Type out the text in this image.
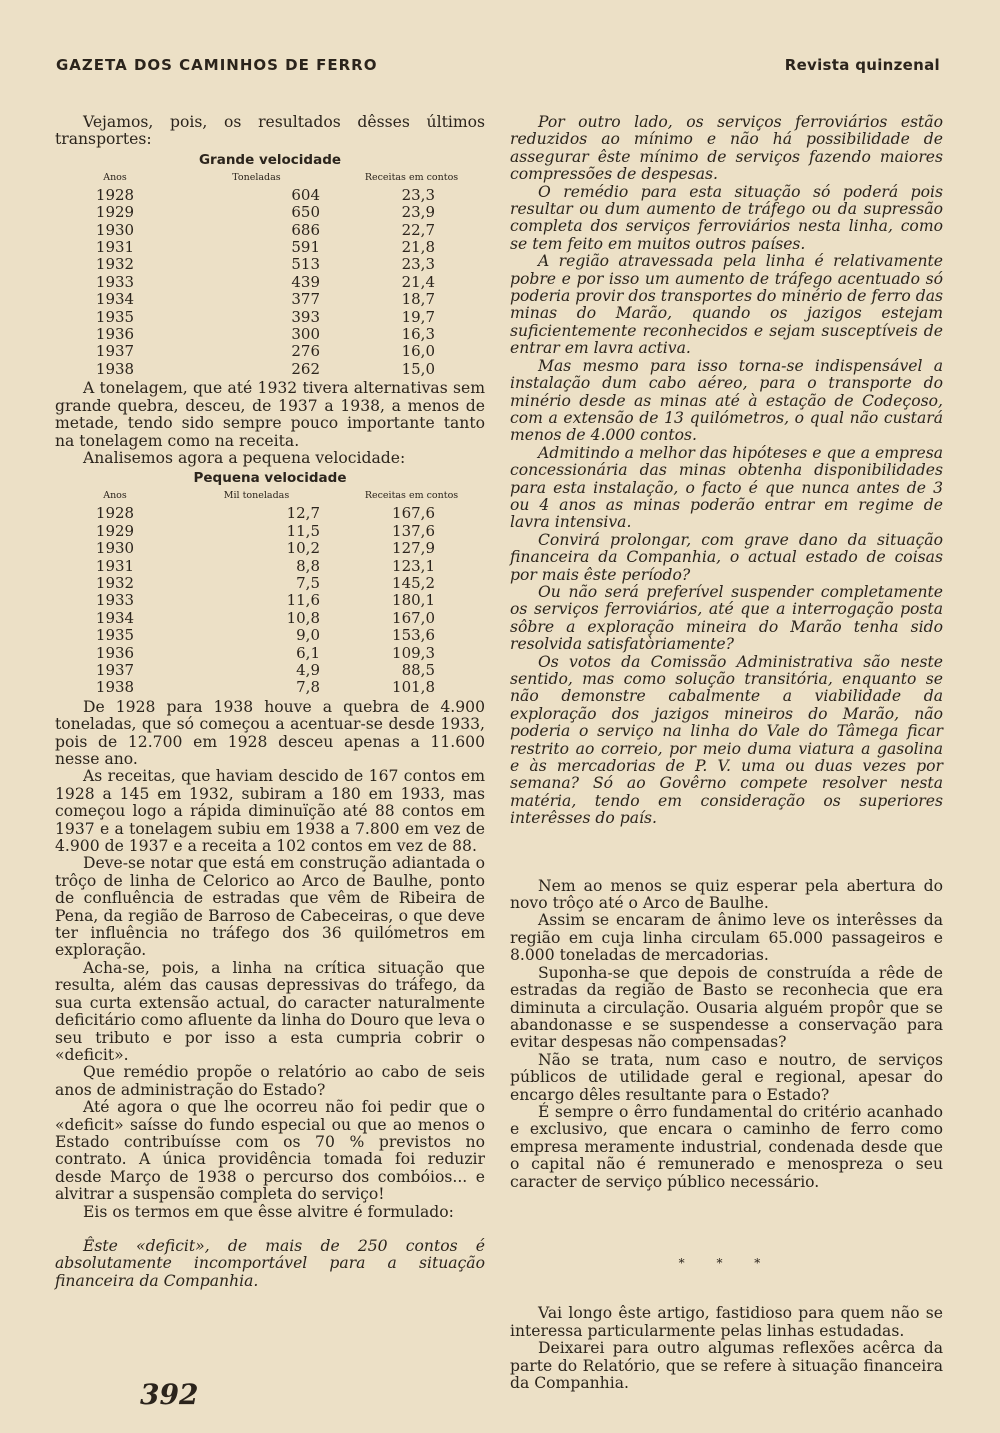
GAZETA DOS CAMINHOS DE FERRO	Revista quinzenal

Vejamos, pois, os resultados dêsses últimos transportes:

Grande velocidade
Anos	Toneladas	Receitas em contos
1928	604	23,3
1929	650	23,9
1930	686	22,7
1931	591	21,8
1932	513	23,3
1933	439	21,4
1934	377	18,7
1935	393	19,7
1936	300	16,3
1937	276	16,0
1938	262	15,0

A tonelagem, que até 1932 tivera alternativas sem grande quebra, desceu, de 1937 a 1938, a menos de metade, tendo sido sempre pouco importante tanto na tonelagem como na receita.

Analisemos agora a pequena velocidade:

Pequena velocidade
Anos	Mil toneladas	Receitas em contos
1928	12,7	167,6
1929	11,5	137,6
1930	10,2	127,9
1931	8,8	123,1
1932	7,5	145,2
1933	11,6	180,1
1934	10,8	167,0
1935	9,0	153,6
1936	6,1	109,3
1937	4,9	88,5
1938	7,8	101,8

De 1928 para 1938 houve a quebra de 4.900 toneladas, que só começou a acentuar-se desde 1933, pois de 12.700 em 1928 desceu apenas a 11.600 nesse ano.

As receitas, que haviam descido de 167 contos em 1928 a 145 em 1932, subiram a 180 em 1933, mas começou logo a rápida diminuïção até 88 contos em 1937 e a tonelagem subiu em 1938 a 7.800 em vez de 4.900 de 1937 e a receita a 102 contos em vez de 88.

Deve-se notar que está em construção adiantada o trôço de linha de Celorico ao Arco de Baulhe, ponto de confluência de estradas que vêm de Ribeira de Pena, da região de Barroso de Cabeceiras, o que deve ter influência no tráfego dos 36 quilómetros em exploração.

Acha-se, pois, a linha na crítica situação que resulta, além das causas depressivas do tráfego, da sua curta extensão actual, do caracter naturalmente deficitário como afluente da linha do Douro que leva o seu tributo e por isso a esta cumpria cobrir o «deficit».

Que remédio propõe o relatório ao cabo de seis anos de administração do Estado?

Até agora o que lhe ocorreu não foi pedir que o «deficit» saísse do fundo especial ou que ao menos o Estado contribuísse com os 70 % previstos no contrato. A única providência tomada foi reduzir desde Março de 1938 o percurso dos combóios... e alvitrar a suspensão completa do serviço!

Eis os termos em que êsse alvitre é formulado:

Êste «deficit», de mais de 250 contos é absolutamente incomportável para a situação financeira da Companhia.

Por outro lado, os serviços ferroviários estão reduzidos ao mínimo e não há possibilidade de assegurar êste mínimo de serviços fazendo maiores compressões de despesas.

O remédio para esta situação só poderá pois resultar ou dum aumento de tráfego ou da supressão completa dos serviços ferroviários nesta linha, como se tem feito em muitos outros países.

A região atravessada pela linha é relativamente pobre e por isso um aumento de tráfego acentuado só poderia provir dos transportes do minério de ferro das minas do Marão, quando os jazigos estejam suficientemente reconhecidos e sejam susceptíveis de entrar em lavra activa.

Mas mesmo para isso torna-se indispensável a instalação dum cabo aéreo, para o transporte do minério desde as minas até à estação de Codeçoso, com a extensão de 13 quilómetros, o qual não custará menos de 4.000 contos.

Admitindo a melhor das hipóteses e que a empresa concessionária das minas obtenha disponibilidades para esta instalação, o facto é que nunca antes de 3 ou 4 anos as minas poderão entrar em regime de lavra intensiva.

Convirá prolongar, com grave dano da situação financeira da Companhia, o actual estado de coisas por mais êste período?

Ou não será preferível suspender completamente os serviços ferroviários, até que a interrogação posta sôbre a exploração mineira do Marão tenha sido resolvida satisfatòriamente?

Os votos da Comissão Administrativa são neste sentido, mas como solução transitória, enquanto se não demonstre cabalmente a viabilidade da exploração dos jazigos mineiros do Marão, não poderia o serviço na linha do Vale do Tâmega ficar restrito ao correio, por meio duma viatura a gasolina e às mercadorias de P. V. uma ou duas vezes por semana? Só ao Govêrno compete resolver nesta matéria, tendo em consideração os superiores interêsses do país.

Nem ao menos se quiz esperar pela abertura do novo trôço até o Arco de Baulhe.

Assim se encaram de ânimo leve os interêsses da região em cuja linha circulam 65.000 passageiros e 8.000 toneladas de mercadorias.

Suponha-se que depois de construída a rêde de estradas da região de Basto se reconhecia que era diminuta a circulação. Ousaria alguém propôr que se abandonasse e se suspendesse a conservação para evitar despesas não compensadas?

Não se trata, num caso e noutro, de serviços públicos de utilidade geral e regional, apesar do encargo dêles resultante para o Estado?

É sempre o êrro fundamental do critério acanhado e exclusivo, que encara o caminho de ferro como empresa meramente industrial, condenada desde que o capital não é remunerado e menospreza o seu caracter de serviço público necessário.

* * *

Vai longo êste artigo, fastidioso para quem não se interessa particularmente pelas linhas estudadas.

Deixarei para outro algumas reflexões acêrca da parte do Relatório, que se refere à situação financeira da Companhia.

392
